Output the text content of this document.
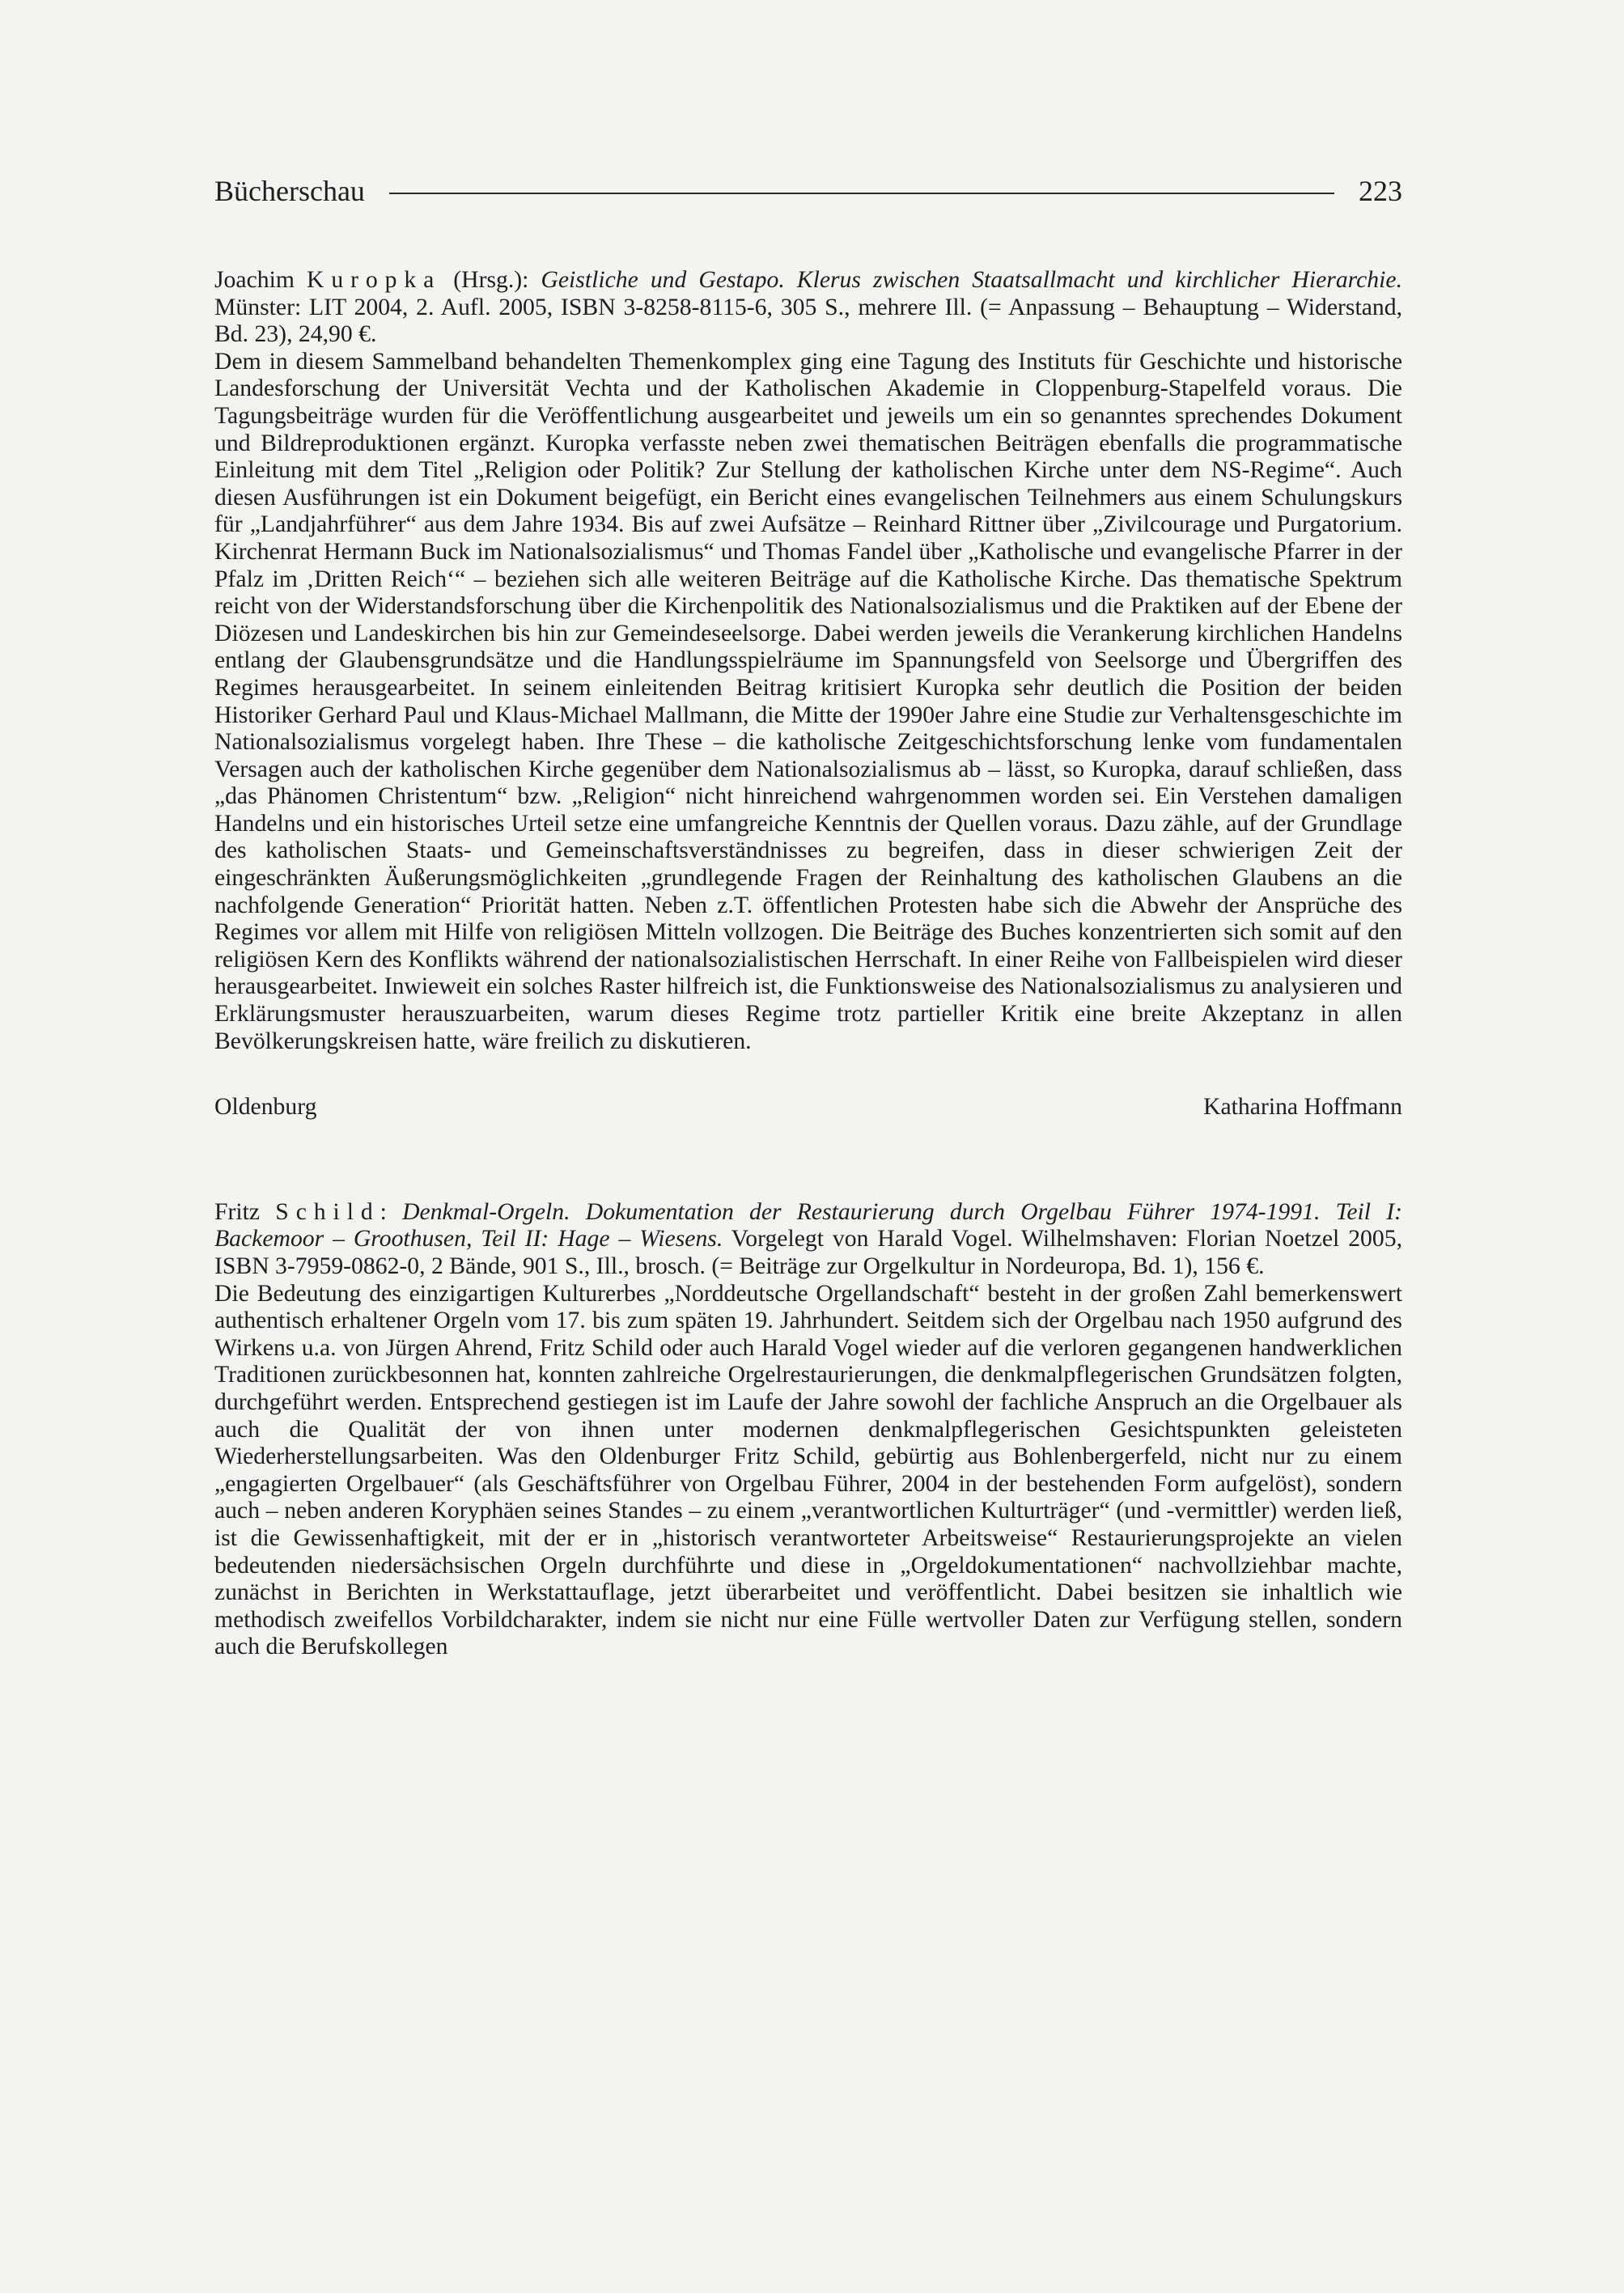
Bücherschau	223

Joachim Kuropka (Hrsg.): Geistliche und Gestapo. Klerus zwischen Staatsallmacht und kirchlicher Hierarchie. Münster: LIT 2004, 2. Aufl. 2005, ISBN 3-8258-8115-6, 305 S., mehrere Ill. (= Anpassung – Behauptung – Widerstand, Bd. 23), 24,90 €.

Dem in diesem Sammelband behandelten Themenkomplex ging eine Tagung des Instituts für Geschichte und historische Landesforschung der Universität Vechta und der Katholischen Akademie in Cloppenburg-Stapelfeld voraus. Die Tagungsbeiträge wurden für die Veröffentlichung ausgearbeitet und jeweils um ein so genanntes sprechendes Dokument und Bildreproduktionen ergänzt. Kuropka verfasste neben zwei thematischen Beiträgen ebenfalls die programmatische Einleitung mit dem Titel „Religion oder Politik? Zur Stellung der katholischen Kirche unter dem NS-Regime“. Auch diesen Ausführungen ist ein Dokument beigefügt, ein Bericht eines evangelischen Teilnehmers aus einem Schulungskurs für „Landjahrführer“ aus dem Jahre 1934. Bis auf zwei Aufsätze – Reinhard Rittner über „Zivilcourage und Purgatorium. Kirchenrat Hermann Buck im Nationalsozialismus“ und Thomas Fandel über „Katholische und evangelische Pfarrer in der Pfalz im ‚Dritten Reich‘“ – beziehen sich alle weiteren Beiträge auf die Katholische Kirche. Das thematische Spektrum reicht von der Widerstandsforschung über die Kirchenpolitik des Nationalsozialismus und die Praktiken auf der Ebene der Diözesen und Landeskirchen bis hin zur Gemeindeseelsorge. Dabei werden jeweils die Verankerung kirchlichen Handelns entlang der Glaubensgrundsätze und die Handlungsspielräume im Spannungsfeld von Seelsorge und Übergriffen des Regimes herausgearbeitet. In seinem einleitenden Beitrag kritisiert Kuropka sehr deutlich die Position der beiden Historiker Gerhard Paul und Klaus-Michael Mallmann, die Mitte der 1990er Jahre eine Studie zur Verhaltensgeschichte im Nationalsozialismus vorgelegt haben. Ihre These – die katholische Zeitgeschichtsforschung lenke vom fundamentalen Versagen auch der katholischen Kirche gegenüber dem Nationalsozialismus ab – lässt, so Kuropka, darauf schließen, dass „das Phänomen Christentum“ bzw. „Religion“ nicht hinreichend wahrgenommen worden sei. Ein Verstehen damaligen Handelns und ein historisches Urteil setze eine umfangreiche Kenntnis der Quellen voraus. Dazu zähle, auf der Grundlage des katholischen Staats- und Gemeinschaftsverständnisses zu begreifen, dass in dieser schwierigen Zeit der eingeschränkten Äußerungsmöglichkeiten „grundlegende Fragen der Reinhaltung des katholischen Glaubens an die nachfolgende Generation“ Priorität hatten. Neben z.T. öffentlichen Protesten habe sich die Abwehr der Ansprüche des Regimes vor allem mit Hilfe von religiösen Mitteln vollzogen. Die Beiträge des Buches konzentrierten sich somit auf den religiösen Kern des Konflikts während der nationalsozialistischen Herrschaft. In einer Reihe von Fallbeispielen wird dieser herausgearbeitet. Inwieweit ein solches Raster hilfreich ist, die Funktionsweise des Nationalsozialismus zu analysieren und Erklärungsmuster herauszuarbeiten, warum dieses Regime trotz partieller Kritik eine breite Akzeptanz in allen Bevölkerungskreisen hatte, wäre freilich zu diskutieren.

Oldenburg	Katharina Hoffmann

Fritz Schild: Denkmal-Orgeln. Dokumentation der Restaurierung durch Orgelbau Führer 1974-1991. Teil I: Backemoor – Groothusen, Teil II: Hage – Wiesens. Vorgelegt von Harald Vogel. Wilhelmshaven: Florian Noetzel 2005, ISBN 3-7959-0862-0, 2 Bände, 901 S., Ill., brosch. (= Beiträge zur Orgelkultur in Nordeuropa, Bd. 1), 156 €.

Die Bedeutung des einzigartigen Kulturerbes „Norddeutsche Orgellandschaft“ besteht in der großen Zahl bemerkenswert authentisch erhaltener Orgeln vom 17. bis zum späten 19. Jahrhundert. Seitdem sich der Orgelbau nach 1950 aufgrund des Wirkens u.a. von Jürgen Ahrend, Fritz Schild oder auch Harald Vogel wieder auf die verloren gegangenen handwerklichen Traditionen zurückbesonnen hat, konnten zahlreiche Orgelrestaurierungen, die denkmalpflegerischen Grundsätzen folgten, durchgeführt werden. Entsprechend gestiegen ist im Laufe der Jahre sowohl der fachliche Anspruch an die Orgelbauer als auch die Qualität der von ihnen unter modernen denkmalpflegerischen Gesichtspunkten geleisteten Wiederherstellungsarbeiten. Was den Oldenburger Fritz Schild, gebürtig aus Bohlenbergerfeld, nicht nur zu einem „engagierten Orgelbauer“ (als Geschäftsführer von Orgelbau Führer, 2004 in der bestehenden Form aufgelöst), sondern auch – neben anderen Koryphäen seines Standes – zu einem „verantwortlichen Kulturträger“ (und -vermittler) werden ließ, ist die Gewissenhaftigkeit, mit der er in „historisch verantworteter Arbeitsweise“ Restaurierungsprojekte an vielen bedeutenden niedersächsischen Orgeln durchführte und diese in „Orgeldokumentationen“ nachvollziehbar machte, zunächst in Berichten in Werkstattauflage, jetzt überarbeitet und veröffentlicht. Dabei besitzen sie inhaltlich wie methodisch zweifellos Vorbildcharakter, indem sie nicht nur eine Fülle wertvoller Daten zur Verfügung stellen, sondern auch die Berufskollegen
